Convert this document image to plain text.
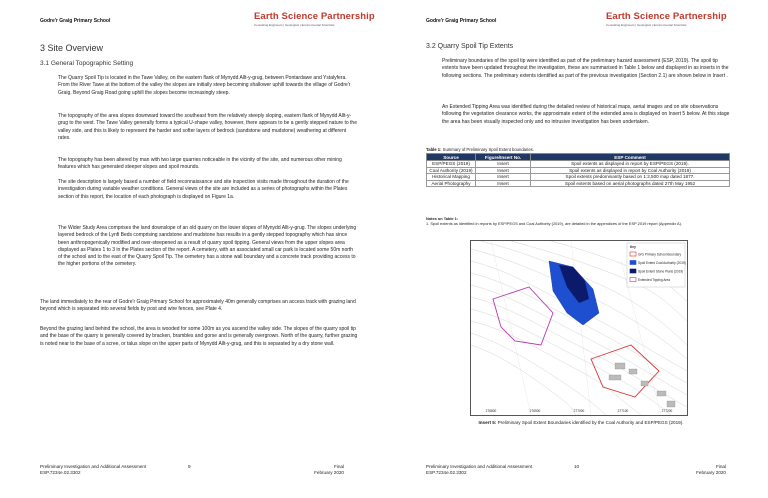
Godre'r Graig Primary School	Earth Science Partnership
Consulting Engineers | Geologists | Environmental Scientists
3 Site Overview
3.1 General Topographic Setting
The Quarry Spoil Tip is located in the Tawe Valley, on the eastern flank of Mynydd Allt-y-grug, between Pontardawe and Ystalyfera. From the River Tawe at the bottom of the valley the slopes are initially steep becoming shallower uphill towards the village of Godre'r Graig. Beyond Graig Road going uphill the slopes become increasingly steep.
The topography of the area slopes downward toward the southeast from the relatively steeply sloping, eastern flank of Mynydd Allt-y-grug to the west. The Tawe Valley generally forms a typical U-shape valley, however, there appears to be a gently stepped nature to the valley side, and this is likely to represent the harder and softer layers of bedrock (sandstone and mudstone) weathering at different rates.
The topography has been altered by man with two large quarries noticeable in the vicinity of the site, and numerous other mining features which has generated steeper slopes and spoil mounds.
The site description is largely based a number of field reconnaissance and site inspection visits made throughout the duration of the investigation during variable weather conditions. General views of the site are included as a series of photographs within the Plates section of this report, the location of each photograph is displayed on Figure 1a.
The Wider Study Area comprises the land downslope of an old quarry on the lower slopes of Mynydd Allt-y-grug. The slopes underlying layered bedrock of the Lynfi Beds comprising sandstone and mudstone has results in a gently stepped topography which has since been anthropogenically modified and over-steepened as a result of quarry spoil tipping. General views from the upper slopes area displayed as Plates 1 to 3 in the Plates section of the report. A cemetery, with an associated small car park is located some 50m north of the school and to the east of the Quarry Spoil Tip. The cemetery has a stone wall boundary and a concrete track providing access to the higher portions of the cemetery.
The land immediately to the rear of Godre'r Graig Primary School for approximately 40m generally comprises an access track with grazing land beyond which is separated into several fields by post and wire fences, see Plate 4.
Beyond the grazing land behind the school, the area is wooded for some 100m as you ascend the valley side. The slopes of the quarry spoil tip and the base of the quarry is generally covered by bracken, brambles and gorse and is generally overgrown. North of the quarry, further grazing is noted near to the base of a scree, or talus slope on the upper parts of Mynydd Allt-y-grug, and this is separated by a dry stone wall.
Preliminary Investigation and Additional Assessment
ESP.7234e.02.3302
9	Final
February 2020
Godre'r Graig Primary School	Earth Science Partnership
Consulting Engineers | Geologists | Environmental Scientists
3.2 Quarry Spoil Tip Extents
Preliminary boundaries of the spoil tip were identified as part of the preliminary hazard assessment (ESP, 2019). The spoil tip extents have been updated throughout the investigation, these are summarised in Table 1 below and displayed in as inserts in the following sections. The preliminary extents identified as part of the previous investigation (Section 2.1) are shown below in Insert .
An Extended Tipping Area was identified during the detailed review of historical maps, aerial images and on site observations following the vegetation clearance works, the approximate extent of the extended area is displayed on Insert 5 below. At this stage the area has been visually inspected only and no intrusive investigation has been undertaken.
Table 1: Summary of Preliminary Spoil Extent boundaries.
Source	Figure/Insert No.	ESP Comment
ESP/PEGS (2019)	Insert	Spoil extents as displayed in report by ESP/PEGS (2019).
Coal Authority (2019)	Insert	Spoil extents as displayed in report by Coal Authority (2019)
Historical Mapping	Insert	Spoil extents predominantly based on 1:2,500 map dated 1877.
Aerial Photography	Insert	Spoil extents based on aerial photographs dated 27th May 1952
Notes on Table 1:
1. Spoil extents as identified in reports by ESP/PEGS and Coal Authority (2019), are detailed in the appendices of the ESP 2019 report (Appendix A).
Key
GrG Primary School Boundary
Spoil Extent Coal Authority (2019)
Spoil Extent Stone Plans (2019)
Extended Tipping Area
276800	276900	277000	277100	277200
Insert 5: Preliminary Spoil Extent Boundaries identified by the Coal Authority and ESP/PEGS (2019).
Preliminary Investigation and Additional Assessment
ESP.7234e.02.3302
10	Final
February 2020
